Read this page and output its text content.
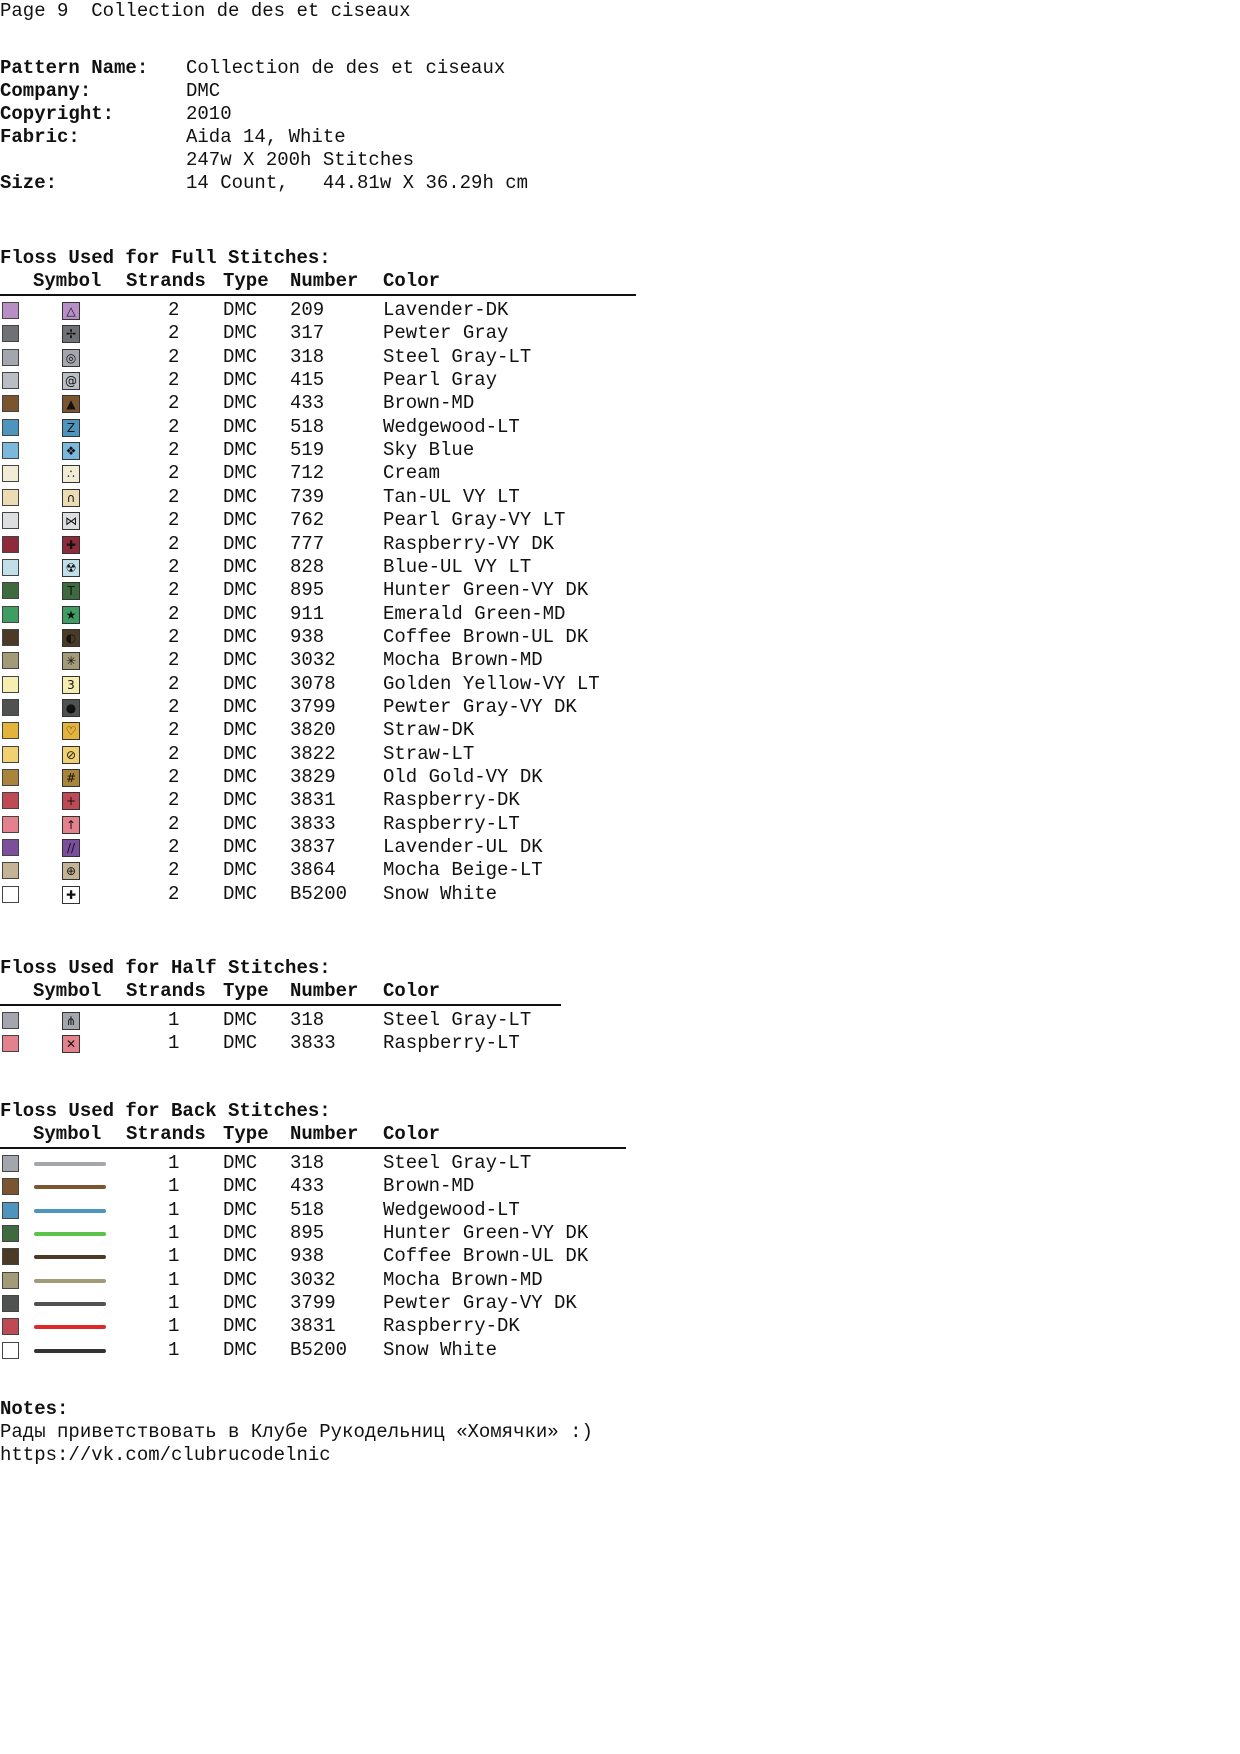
Page 9  Collection de des et ciseaux

Pattern Name:

Collection de des et ciseaux

Company:

	DMC

Copyright:

	2010

Fabric:

	Aida 14, White

247w X 200h Stitches

Size:

	14 Count,   44.81w X 36.29h cm

Floss Used for Full Stitches:
Symbol Strands Type Number Color
△	2 DMC 209	Lavender-DK
✢	2 DMC 317	Pewter Gray
◎	2 DMC 318	Steel Gray-LT
@	2 DMC 415	Pearl Gray
▲	2 DMC 433	Brown-MD
Z	2 DMC 518	Wedgewood-LT
❖	2 DMC 519	Sky Blue
∴	2 DMC 712	Cream
∩	2 DMC 739	Tan-UL VY LT
⋈	2 DMC 762	Pearl Gray-VY LT
✚	2 DMC 777	Raspberry-VY DK
☢	2 DMC 828	Blue-UL VY LT
T	2 DMC 895	Hunter Green-VY DK
★	2 DMC 911	Emerald Green-MD
◐	2 DMC 938	Coffee Brown-UL DK
✳	2 DMC 3032 Mocha Brown-MD
3	2 DMC 3078 Golden Yellow-VY LT
●	2 DMC 3799 Pewter Gray-VY DK
♡	2 DMC 3820 Straw-DK
⊘	2 DMC 3822 Straw-LT
#	2 DMC 3829 Old Gold-VY DK
+	2 DMC 3831 Raspberry-DK
↑	2 DMC 3833 Raspberry-LT
//	2 DMC 3837 Lavender-UL DK
⊕	2 DMC 3864 Mocha Beige-LT
✚	2 DMC B5200 Snow White
Floss Used for Half Stitches:
Symbol Strands Type Number Color
⋔	1 DMC 318	Steel Gray-LT
✕	1 DMC 3833 Raspberry-LT
Floss Used for Back Stitches:
Symbol Strands Type Number Color
1 DMC 318	Steel Gray-LT
1 DMC 433	Brown-MD
1 DMC 518	Wedgewood-LT
1 DMC 895	Hunter Green-VY DK
1 DMC 938	Coffee Brown-UL DK
1 DMC 3032 Mocha Brown-MD
1 DMC 3799 Pewter Gray-VY DK
1 DMC 3831 Raspberry-DK
1 DMC B5200 Snow White
Notes:
Рады приветствовать в Клубе Рукодельниц «Хомячки» :)
https://vk.com/clubrucodelnic
